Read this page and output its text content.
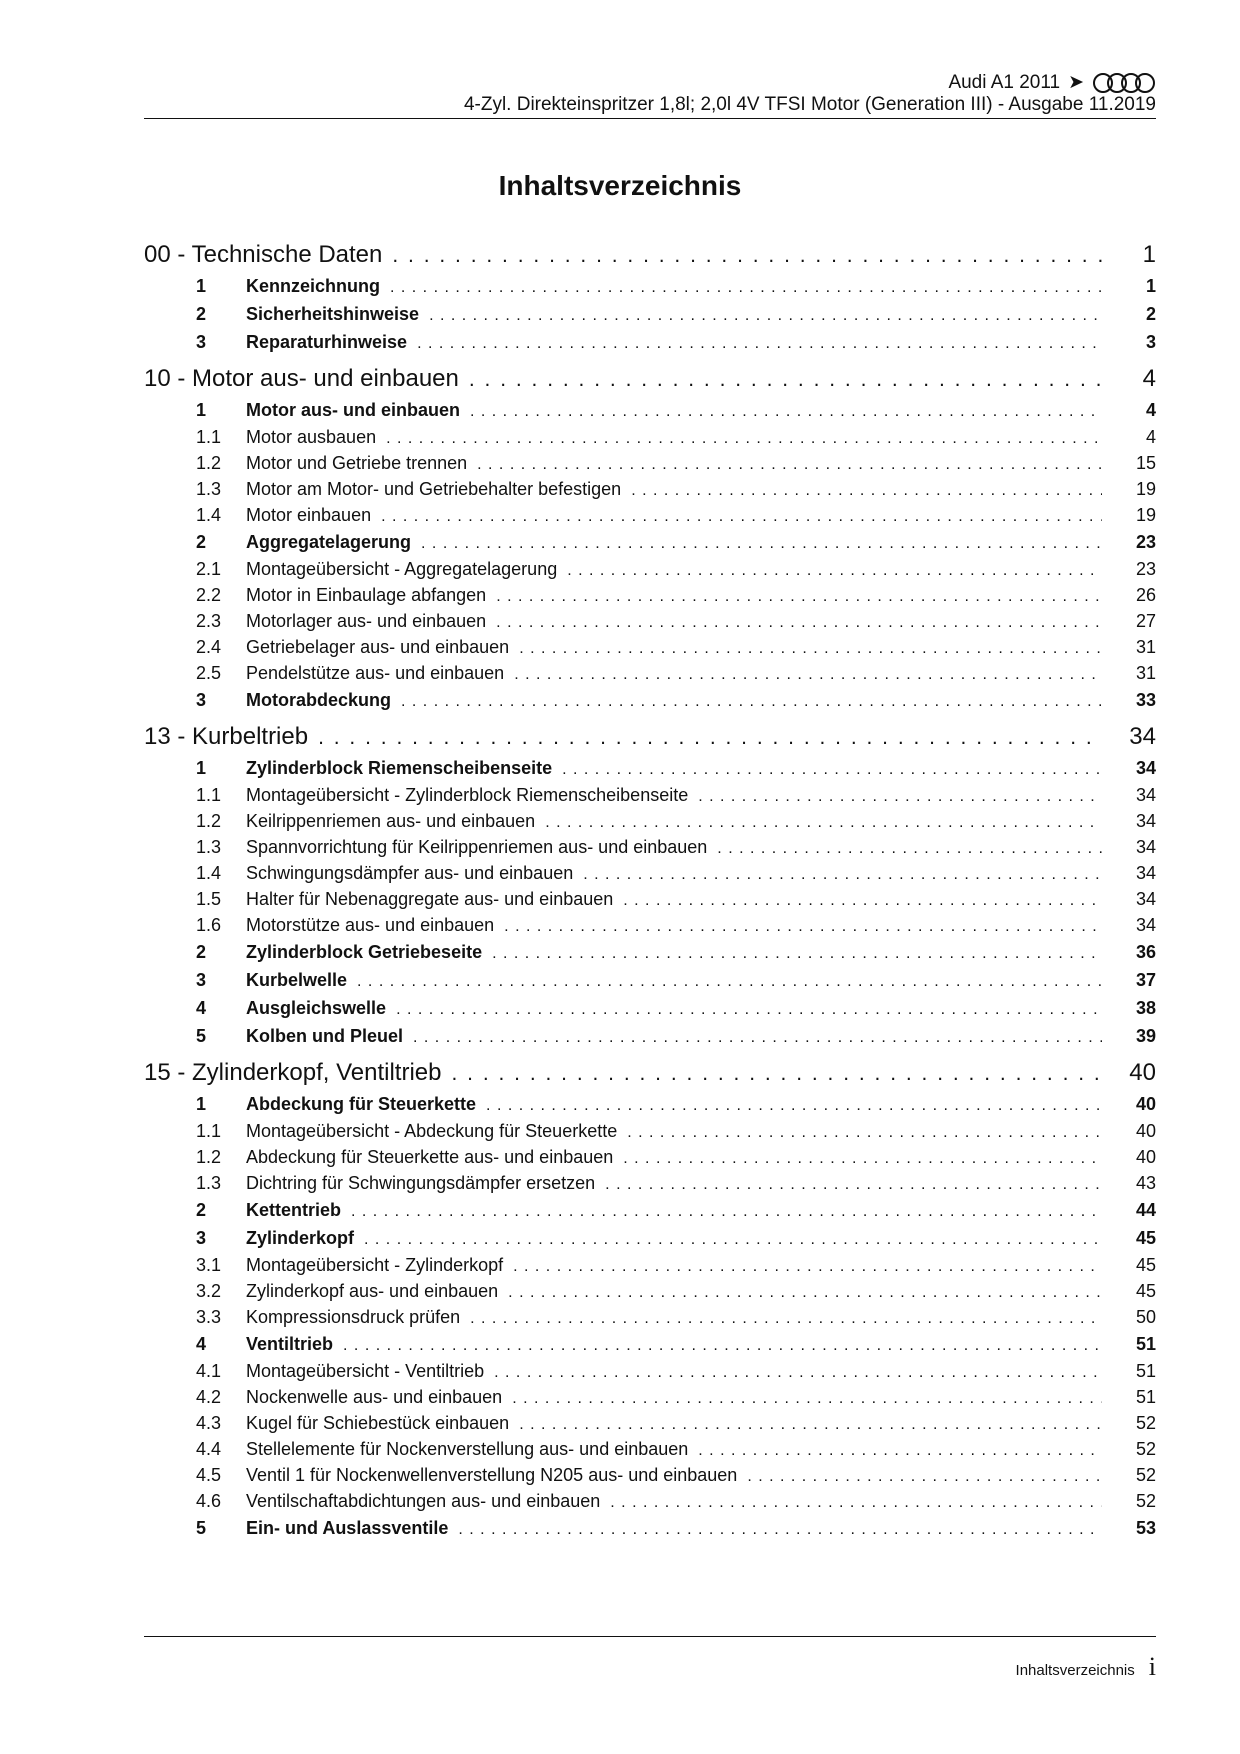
Audi A1 2011 ➤
4-Zyl. Direkteinspritzer 1,8l; 2,0l 4V TFSI Motor (Generation III) - Ausgabe 11.2019
Inhaltsverzeichnis
00 - Technische Daten . . .	1
1	Kennzeichnung . . .	1
2	Sicherheitshinweise . . .	2
3	Reparaturhinweise . . .	3
10 - Motor aus- und einbauen . . .	4
1	Motor aus- und einbauen . . .	4
1.1	Motor ausbauen . . .	4
1.2	Motor und Getriebe trennen . . .	15
1.3	Motor am Motor- und Getriebehalter befestigen . . .	19
1.4	Motor einbauen . . .	19
2	Aggregatelagerung . . .	23
2.1	Montageübersicht - Aggregatelagerung . . .	23
2.2	Motor in Einbaulage abfangen . . .	26
2.3	Motorlager aus- und einbauen . . .	27
2.4	Getriebelager aus- und einbauen . . .	31
2.5	Pendelstütze aus- und einbauen . . .	31
3	Motorabdeckung . . .	33
13 - Kurbeltrieb . . .	34
1	Zylinderblock Riemenscheibenseite . . .	34
1.1	Montageübersicht - Zylinderblock Riemenscheibenseite . . .	34
1.2	Keilrippenriemen aus- und einbauen . . .	34
1.3	Spannvorrichtung für Keilrippenriemen aus- und einbauen . . .	34
1.4	Schwingungsdämpfer aus- und einbauen . . .	34
1.5	Halter für Nebenaggregate aus- und einbauen . . .	34
1.6	Motorstütze aus- und einbauen . . .	34
2	Zylinderblock Getriebeseite . . .	36
3	Kurbelwelle . . .	37
4	Ausgleichswelle . . .	38
5	Kolben und Pleuel . . .	39
15 - Zylinderkopf, Ventiltrieb . . .	40
1	Abdeckung für Steuerkette . . .	40
1.1	Montageübersicht - Abdeckung für Steuerkette . . .	40
1.2	Abdeckung für Steuerkette aus- und einbauen . . .	40
1.3	Dichtring für Schwingungsdämpfer ersetzen . . .	43
2	Kettentrieb . . .	44
3	Zylinderkopf . . .	45
3.1	Montageübersicht - Zylinderkopf . . .	45
3.2	Zylinderkopf aus- und einbauen . . .	45
3.3	Kompressionsdruck prüfen . . .	50
4	Ventiltrieb . . .	51
4.1	Montageübersicht - Ventiltrieb . . .	51
4.2	Nockenwelle aus- und einbauen . . .	51
4.3	Kugel für Schiebestück einbauen . . .	52
4.4	Stellelemente für Nockenverstellung aus- und einbauen . . .	52
4.5	Ventil 1 für Nockenwellenverstellung N205 aus- und einbauen . . .	52
4.6	Ventilschaftabdichtungen aus- und einbauen . . .	52
5	Ein- und Auslassventile . . .	53
Inhaltsverzeichnis i
